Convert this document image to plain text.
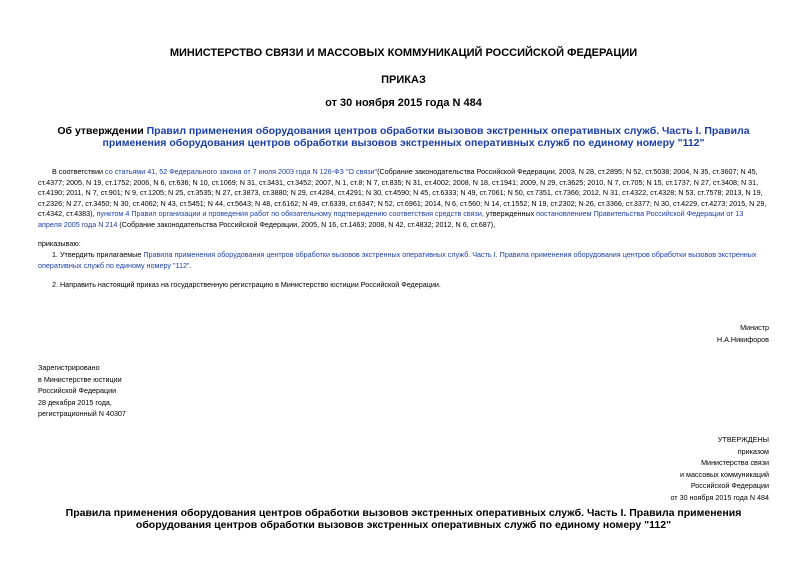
МИНИСТЕРСТВО СВЯЗИ И МАССОВЫХ КОММУНИКАЦИЙ РОССИЙСКОЙ ФЕДЕРАЦИИ
ПРИКАЗ
от 30 ноября 2015 года N 484
Об утверждении Правил применения оборудования центров обработки вызовов экстренных оперативных служб. Часть I. Правила применения оборудования центров обработки вызовов экстренных оперативных служб по единому номеру "112"
В соответствии со статьями 41, 52 Федерального закона от 7 июля 2003 года N 126-ФЗ "О связи"(Собрание законодательства Российской Федерации, 2003, N 28, ст.2895; N 52, ст.5038; 2004, N 35, ст.3607; N 45, ст.4377; 2005, N 19, ст.1752; 2006, N 6, ст.636; N 10, ст.1069; N 31, ст.3431, ст.3452; 2007, N 1, ст.8; N 7, ст.835; N 31, ст.4002; 2008, N 18, ст.1941; 2009, N 29, ст.3625; 2010, N 7, ст.705; N 15, ст.1737; N 27, ст.3408; N 31, ст.4190; 2011, N 7, ст.901; N 9, ст.1205; N 25, ст.3535; N 27, ст.3873, ст.3880; N 29, ст.4284, ст.4291; N 30, ст.4590; N 45, ст.6333; N 49, ст.7061; N 50, ст.7351, ст.7366; 2012, N 31, ст.4322, ст.4328; N 53, ст.7578; 2013, N 19, ст.2326; N 27, ст.3450; N 30, ст.4062; N 43, ст.5451; N 44, ст.5643; N 48, ст.6162; N 49, ст.6339, ст.6347; N 52, ст.6961; 2014, N 6, ст.560; N 14, ст.1552; N 19, ст.2302; N 26, ст.3366, ст.3377; N 30, ст.4229, ст.4273; 2015, N 29, ст.4342, ст.4383), пунктом 4 Правил организации и проведения работ по обязательному подтверждению соответствия средств связи, утвержденных постановлением Правительства Российской Федерации от 13 апреля 2005 года N 214 (Собрание законодательства Российской Федерации, 2005, N 16, ст.1463; 2008, N 42, ст.4832; 2012, N 6, ст.687),
приказываю:
1. Утвердить прилагаемые Правила применения оборудования центров обработки вызовов экстренных оперативных служб. Часть I. Правила применения оборудования центров обработки вызовов экстренных оперативных служб по единому номеру "112".
2. Направить настоящий приказ на государственную регистрацию в Министерство юстиции Российской Федерации.
Министр
Н.А.Никифоров
Зарегистрировано
в Министерстве юстиции
Российской Федерации
28 декабря 2015 года,
регистрационный N 40307
УТВЕРЖДЕНЫ
приказом
Министерства связи
и массовых коммуникаций
Российской Федерации
от 30 ноября 2015 года N 484
Правила применения оборудования центров обработки вызовов экстренных оперативных служб. Часть I. Правила применения оборудования центров обработки вызовов экстренных оперативных служб по единому номеру "112"
